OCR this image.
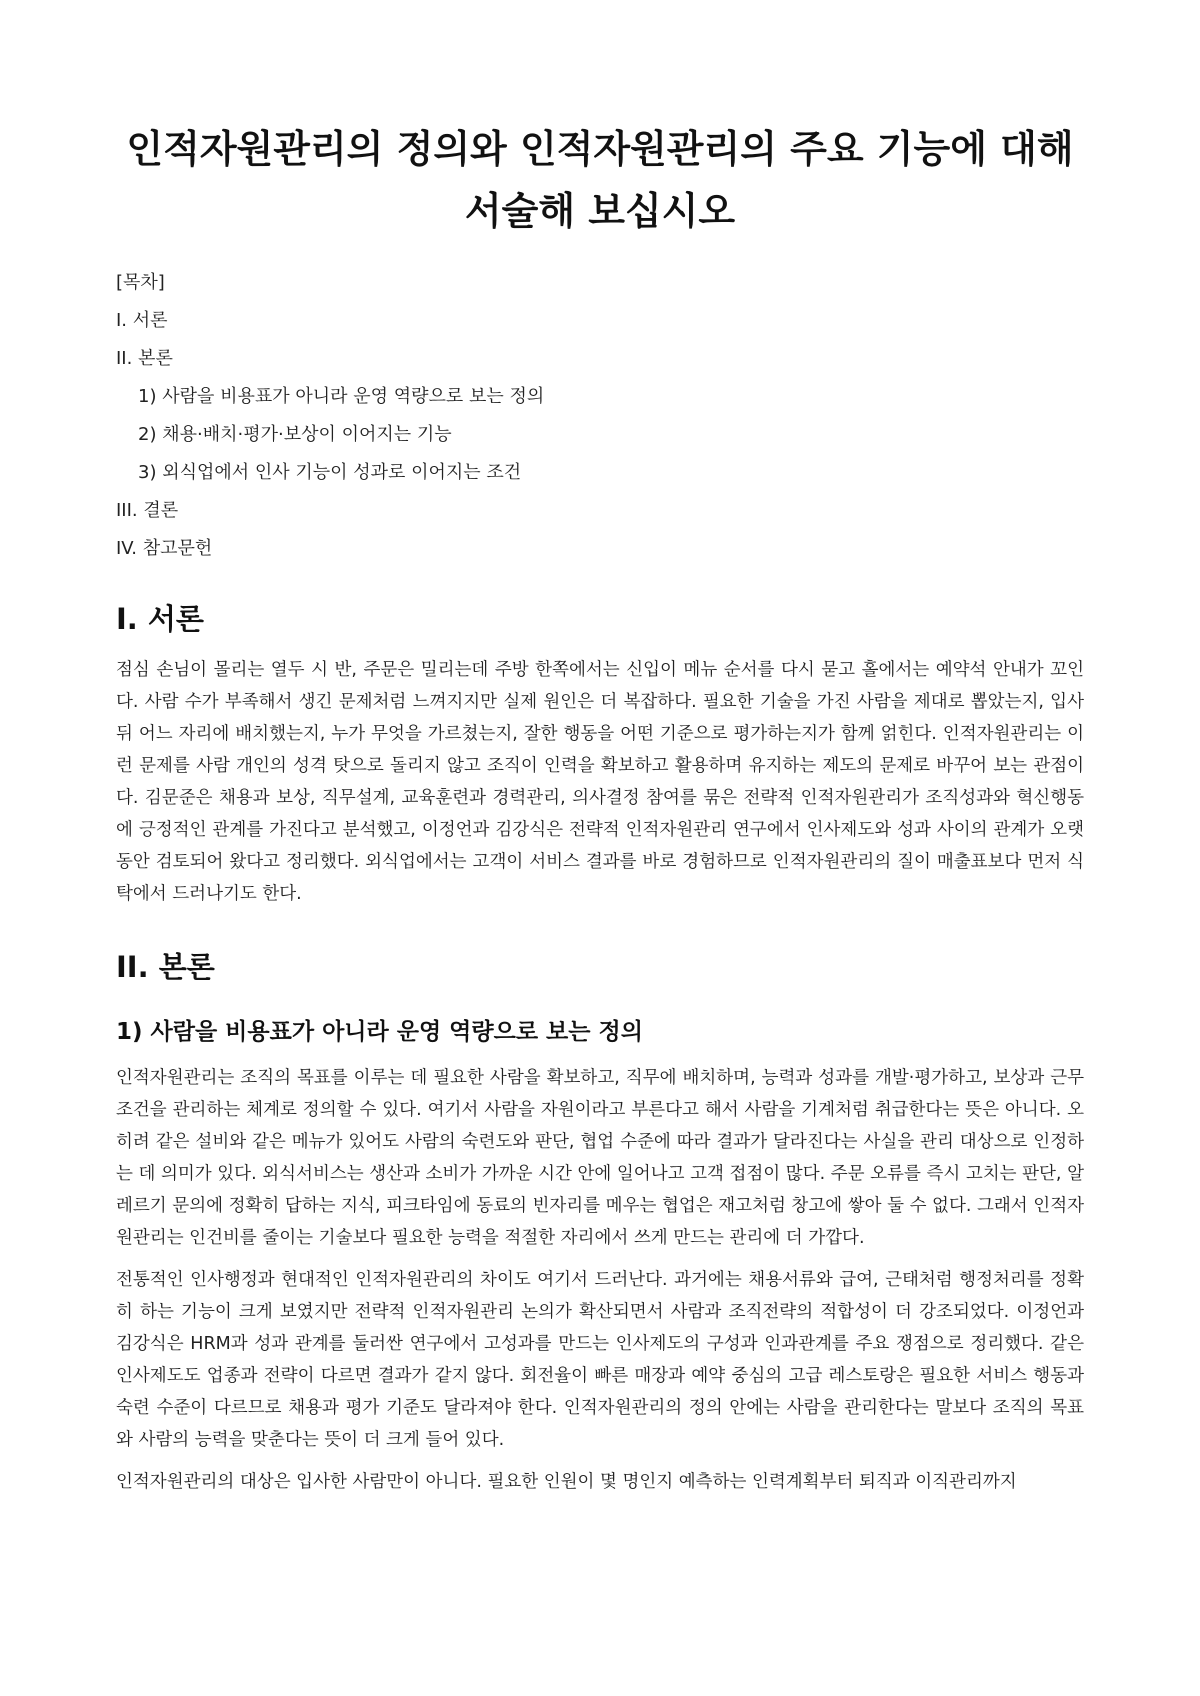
인적자원관리의 정의와 인적자원관리의 주요 기능에 대해 서술해 보십시오
[목차]
I. 서론
II. 본론
1) 사람을 비용표가 아니라 운영 역량으로 보는 정의
2) 채용·배치·평가·보상이 이어지는 기능
3) 외식업에서 인사 기능이 성과로 이어지는 조건
III. 결론
IV. 참고문헌
I. 서론

점심 손님이 몰리는 열두 시 반, 주문은 밀리는데 주방 한쪽에서는 신입이 메뉴 순서를 다시 묻고 홀에서는 예약석 안내가 꼬인다. 사람 수가 부족해서 생긴 문제처럼 느껴지지만 실제 원인은 더 복잡하다. 필요한 기술을 가진 사람을 제대로 뽑았는지, 입사 뒤 어느 자리에 배치했는지, 누가 무엇을 가르쳤는지, 잘한 행동을 어떤 기준으로 평가하는지가 함께 얽힌다. 인적자원관리는 이런 문제를 사람 개인의 성격 탓으로 돌리지 않고 조직이 인력을 확보하고 활용하며 유지하는 제도의 문제로 바꾸어 보는 관점이다. 김문준은 채용과 보상, 직무설계, 교육훈련과 경력관리, 의사결정 참여를 묶은 전략적 인적자원관리가 조직성과와 혁신행동에 긍정적인 관계를 가진다고 분석했고, 이정언과 김강식은 전략적 인적자원관리 연구에서 인사제도와 성과 사이의 관계가 오랫동안 검토되어 왔다고 정리했다. 외식업에서는 고객이 서비스 결과를 바로 경험하므로 인적자원관리의 질이 매출표보다 먼저 식탁에서 드러나기도 한다.

II. 본론
1) 사람을 비용표가 아니라 운영 역량으로 보는 정의

인적자원관리는 조직의 목표를 이루는 데 필요한 사람을 확보하고, 직무에 배치하며, 능력과 성과를 개발·평가하고, 보상과 근무조건을 관리하는 체계로 정의할 수 있다. 여기서 사람을 자원이라고 부른다고 해서 사람을 기계처럼 취급한다는 뜻은 아니다. 오히려 같은 설비와 같은 메뉴가 있어도 사람의 숙련도와 판단, 협업 수준에 따라 결과가 달라진다는 사실을 관리 대상으로 인정하는 데 의미가 있다. 외식서비스는 생산과 소비가 가까운 시간 안에 일어나고 고객 접점이 많다. 주문 오류를 즉시 고치는 판단, 알레르기 문의에 정확히 답하는 지식, 피크타임에 동료의 빈자리를 메우는 협업은 재고처럼 창고에 쌓아 둘 수 없다. 그래서 인적자원관리는 인건비를 줄이는 기술보다 필요한 능력을 적절한 자리에서 쓰게 만드는 관리에 더 가깝다.

전통적인 인사행정과 현대적인 인적자원관리의 차이도 여기서 드러난다. 과거에는 채용서류와 급여, 근태처럼 행정처리를 정확히 하는 기능이 크게 보였지만 전략적 인적자원관리 논의가 확산되면서 사람과 조직전략의 적합성이 더 강조되었다. 이정언과 김강식은 HRM과 성과 관계를 둘러싼 연구에서 고성과를 만드는 인사제도의 구성과 인과관계를 주요 쟁점으로 정리했다. 같은 인사제도도 업종과 전략이 다르면 결과가 같지 않다. 회전율이 빠른 매장과 예약 중심의 고급 레스토랑은 필요한 서비스 행동과 숙련 수준이 다르므로 채용과 평가 기준도 달라져야 한다. 인적자원관리의 정의 안에는 사람을 관리한다는 말보다 조직의 목표와 사람의 능력을 맞춘다는 뜻이 더 크게 들어 있다.

인적자원관리의 대상은 입사한 사람만이 아니다. 필요한 인원이 몇 명인지 예측하는 인력계획부터 퇴직과 이직관리까지
